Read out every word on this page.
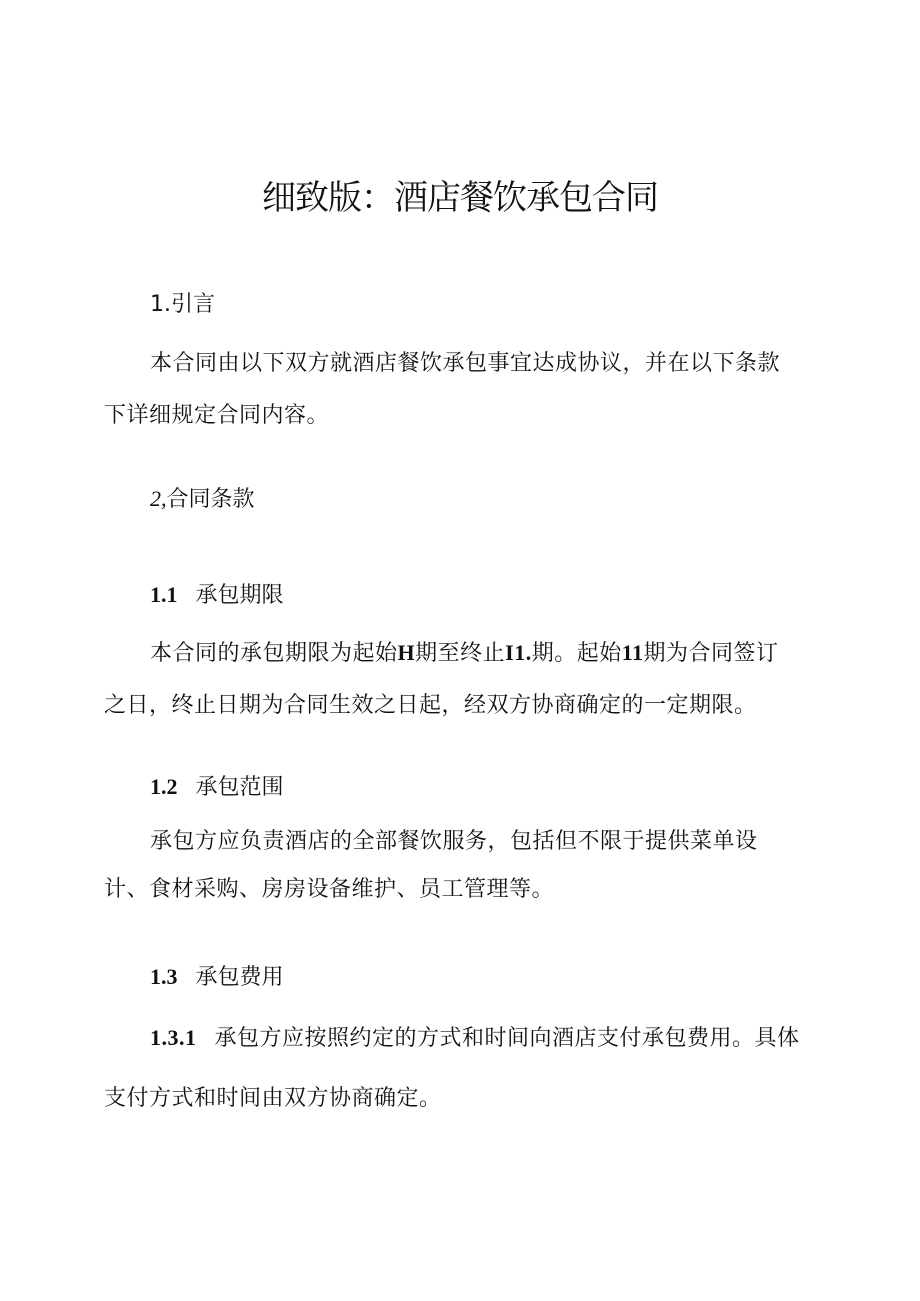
细致版：酒店餐饮承包合同
1.引言
本合同由以下双方就酒店餐饮承包事宜达成协议，并在以下条款
下详细规定合同内容。
2,合同条款
1.1 承包期限
本合同的承包期限为起始H期至终止I1.期。起始11期为合同签订
之日，终止日期为合同生效之日起，经双方协商确定的一定期限。
1.2 承包范围
承包方应负责酒店的全部餐饮服务，包括但不限于提供菜单设
计、食材采购、房房设备维护、员工管理等。
1.3 承包费用
1.3.1 承包方应按照约定的方式和时间向酒店支付承包费用。具体
支付方式和时间由双方协商确定。
